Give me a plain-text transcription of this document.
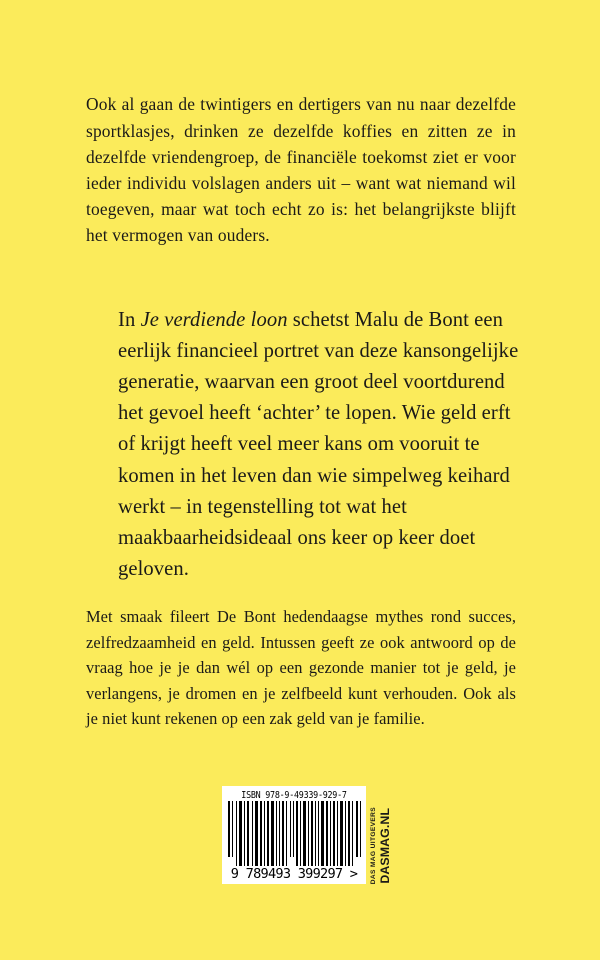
Ook al gaan de twintigers en dertigers van nu naar dezelfde sportklasjes, drinken ze dezelfde koffies en zitten ze in dezelfde vriendengroep, de financiële toekomst ziet er voor ieder individu volslagen anders uit – want wat niemand wil toegeven, maar wat toch echt zo is: het belangrijkste blijft het vermogen van ouders.

In Je verdiende loon schetst Malu de Bont een eerlijk financieel portret van deze kansongelijke generatie, waarvan een groot deel voortdurend het gevoel heeft ‘achter’ te lopen. Wie geld erft of krijgt heeft veel meer kans om vooruit te komen in het leven dan wie simpelweg keihard werkt – in tegenstelling tot wat het maakbaarheidsideaal ons keer op keer doet geloven.

Met smaak fileert De Bont hedendaagse mythes rond succes, zelfredzaamheid en geld. Intussen geeft ze ook antwoord op de vraag hoe je je dan wél op een gezonde manier tot je geld, je verlangens, je dromen en je zelfbeeld kunt verhouden. Ook als je niet kunt rekenen op een zak geld van je familie.

ISBN 978-9-49339-929-7
9 789493 399297 >	DAS MAG UITGEVERS DASMAG.NL
